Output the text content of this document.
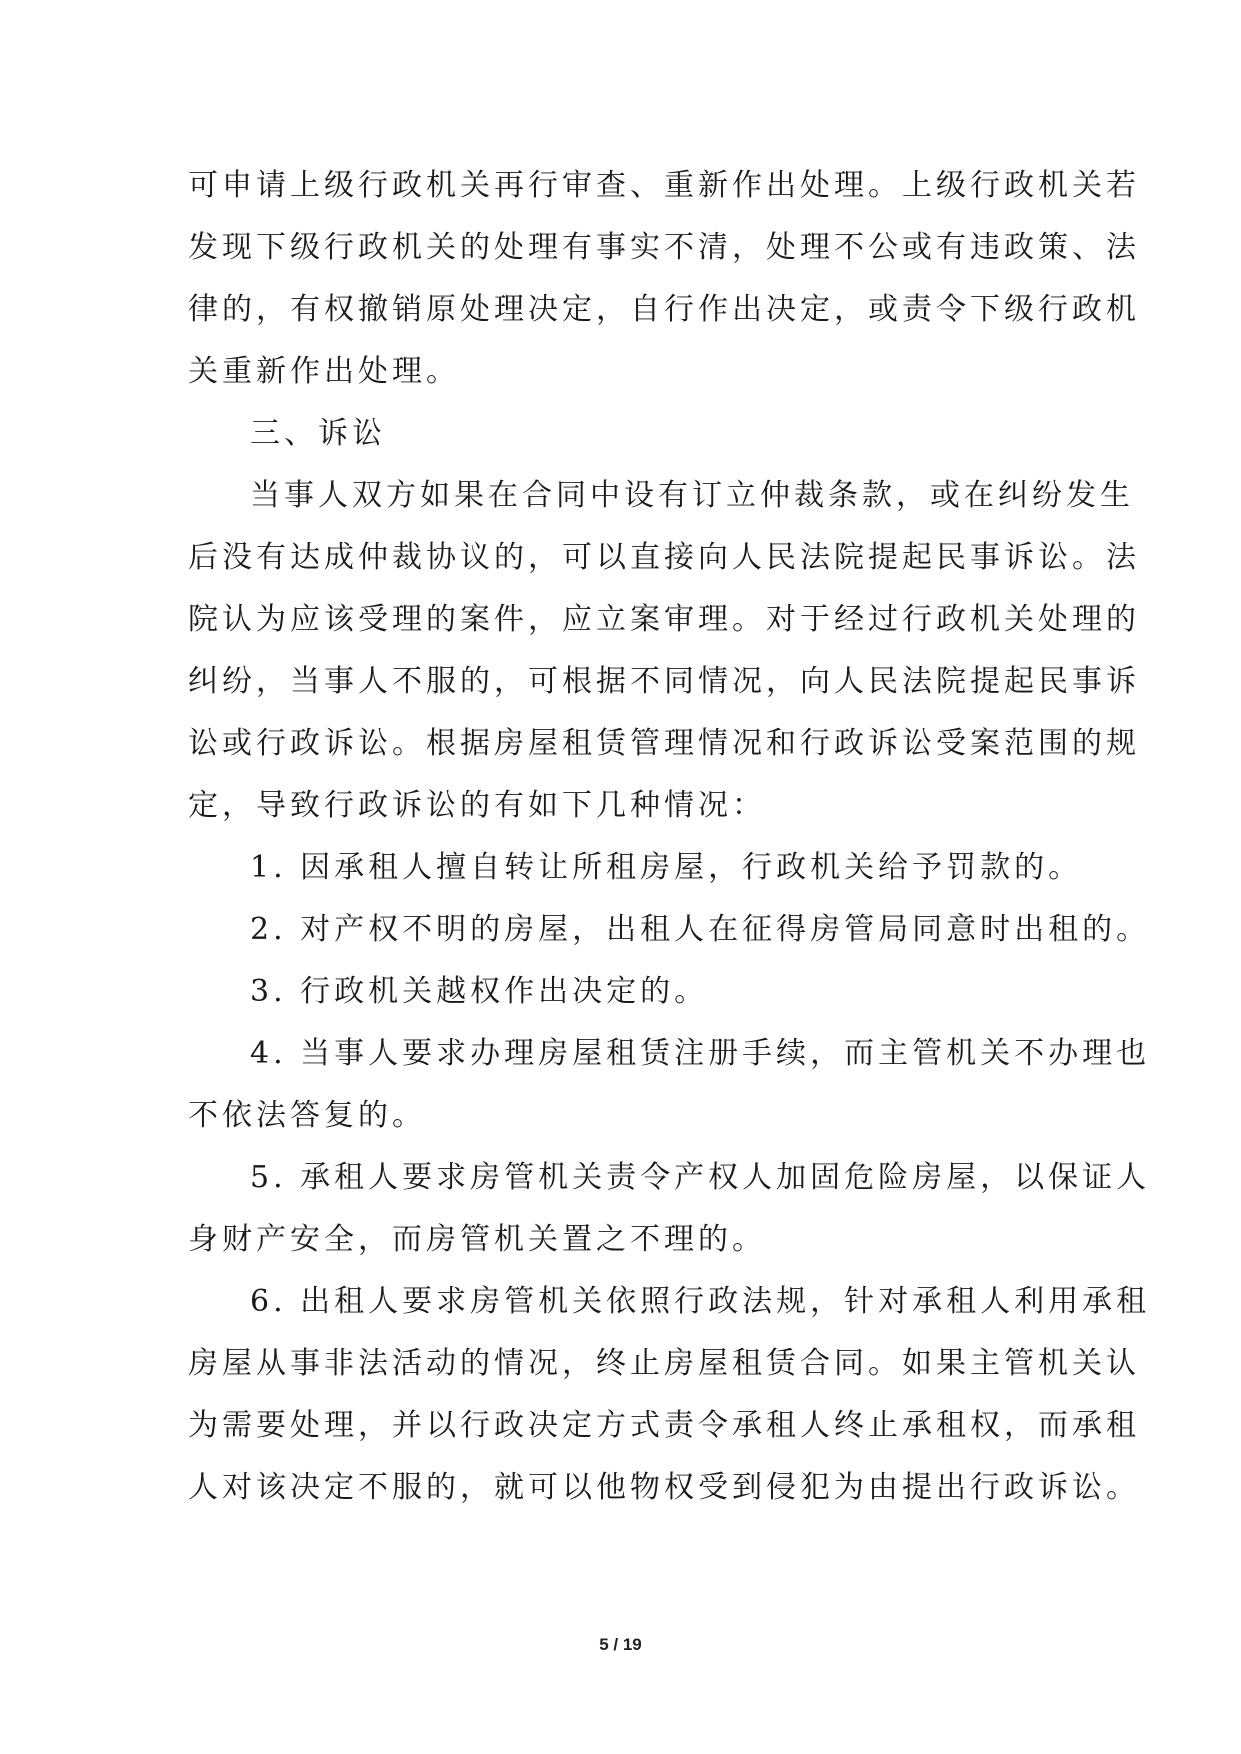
可申请上级行政机关再行审查、重新作出处理。上级行政机关若
发现下级行政机关的处理有事实不清，处理不公或有违政策、法
律的，有权撤销原处理决定，自行作出决定，或责令下级行政机
关重新作出处理。
三、诉讼
当事人双方如果在合同中设有订立仲裁条款，或在纠纷发生
后没有达成仲裁协议的，可以直接向人民法院提起民事诉讼。法
院认为应该受理的案件，应立案审理。对于经过行政机关处理的
纠纷，当事人不服的，可根据不同情况，向人民法院提起民事诉
讼或行政诉讼。根据房屋租赁管理情况和行政诉讼受案范围的规
定，导致行政诉讼的有如下几种情况：
1. 因承租人擅自转让所租房屋，行政机关给予罚款的。
2. 对产权不明的房屋，出租人在征得房管局同意时出租的。
3. 行政机关越权作出决定的。
4. 当事人要求办理房屋租赁注册手续，而主管机关不办理也
不依法答复的。
5. 承租人要求房管机关责令产权人加固危险房屋，以保证人
身财产安全，而房管机关置之不理的。
6. 出租人要求房管机关依照行政法规，针对承租人利用承租
房屋从事非法活动的情况，终止房屋租赁合同。如果主管机关认
为需要处理，并以行政决定方式责令承租人终止承租权，而承租
人对该决定不服的，就可以他物权受到侵犯为由提出行政诉讼。
5 / 19
